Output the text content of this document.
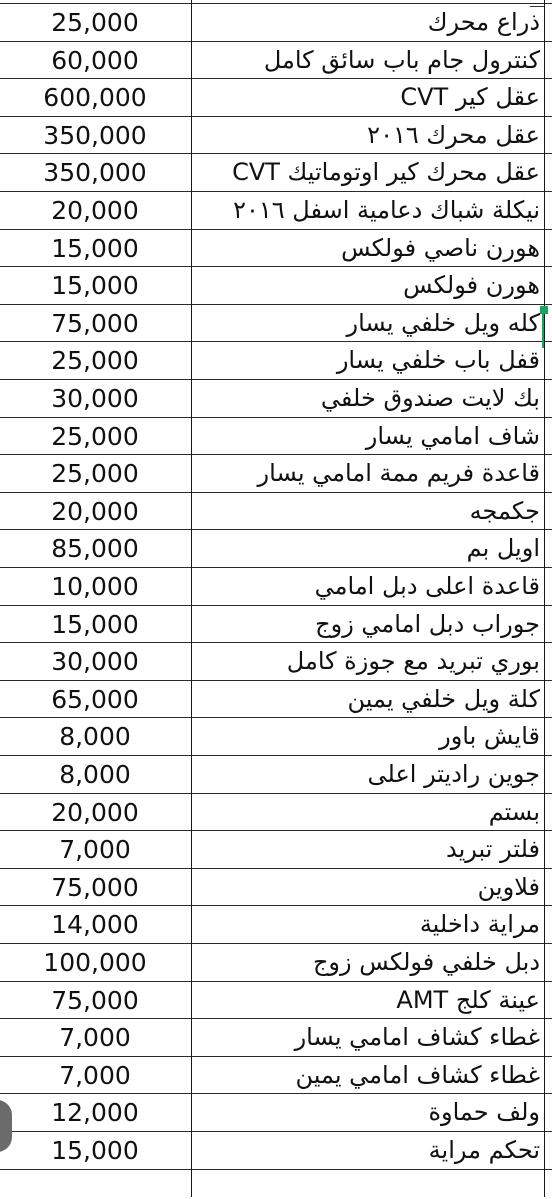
25,000	ذراع محرك
60,000	كنترول جام باب سائق كامل
600,000	عقل كير CVT
350,000	عقل محرك ٢٠١٦
350,000	عقل محرك كير اوتوماتيك CVT
20,000	نيكلة شباك دعامية اسفل ٢٠١٦
15,000	هورن ناصي فولكس
15,000	هورن فولكس
75,000	كله ويل خلفي يسار
25,000	قفل باب خلفي يسار
30,000	بك لايت صندوق خلفي
25,000	شاف امامي يسار
25,000	قاعدة فريم ممة امامي يسار
20,000	جكمجه
85,000	اويل بم
10,000	قاعدة اعلى دبل امامي
15,000	جوراب دبل امامي زوج
30,000	بوري تبريد مع جوزة كامل
65,000	كلة ويل خلفي يمين
8,000	قايش باور
8,000	جوين راديتر اعلى
20,000	بستم
7,000	فلتر تبريد
75,000	فلاوين
14,000	مراية داخلية
100,000	دبل خلفي فولكس زوج
75,000	عينة كلج AMT
7,000	غطاء كشاف امامي يسار
7,000	غطاء كشاف امامي يمين
12,000	ولف حماوة
15,000	تحكم مراية
